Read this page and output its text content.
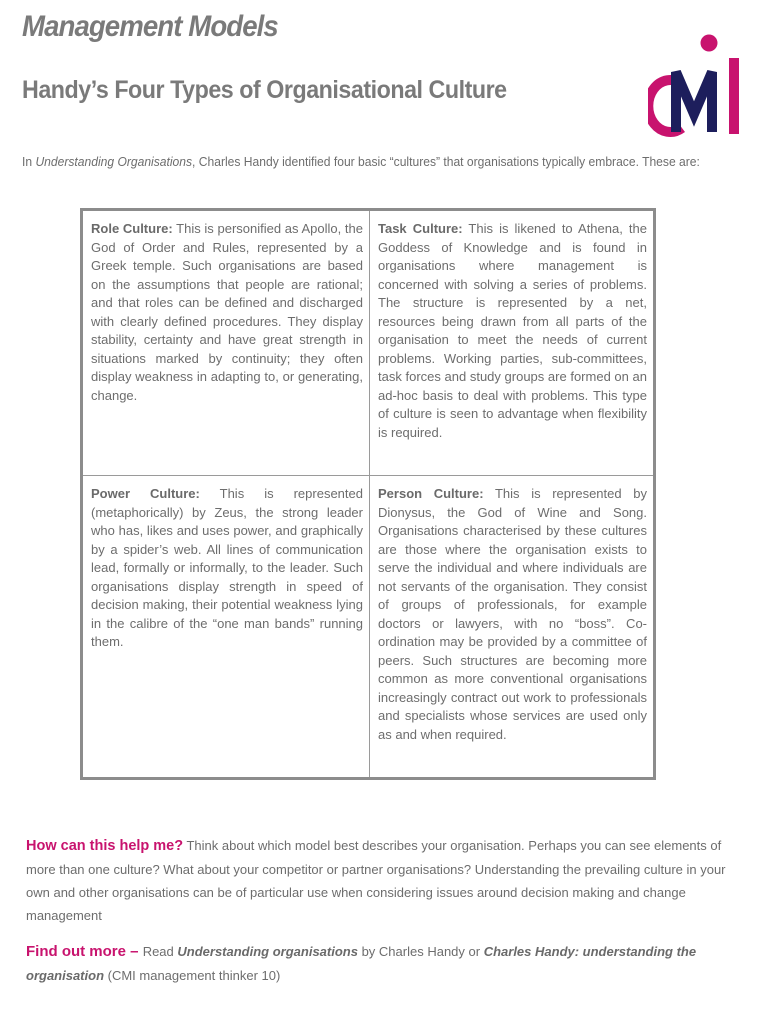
Management Models
Handy’s Four Types of Organisational Culture
In Understanding Organisations, Charles Handy identified four basic “cultures” that organisations typically embrace. These are:
Role Culture: This is personified as Apollo, the God of Order and Rules, represented by a Greek temple. Such organisations are based on the assumptions that people are rational; and that roles can be defined and discharged with clearly defined procedures. They display stability, certainty and have great strength in situations marked by continuity; they often display weakness in adapting to, or generating, change.
Task Culture: This is likened to Athena, the Goddess of Knowledge and is found in organisations where management is concerned with solving a series of problems. The structure is represented by a net, resources being drawn from all parts of the organisation to meet the needs of current problems. Working parties, sub-committees, task forces and study groups are formed on an ad-hoc basis to deal with problems. This type of culture is seen to advantage when flexibility is required.
Power Culture: This is represented (metaphorically) by Zeus, the strong leader who has, likes and uses power, and graphically by a spider’s web. All lines of communication lead, formally or informally, to the leader. Such organisations display strength in speed of decision making, their potential weakness lying in the calibre of the “one man bands” running them.
Person Culture: This is represented by Dionysus, the God of Wine and Song. Organisations characterised by these cultures are those where the organisation exists to serve the individual and where individuals are not servants of the organisation. They consist of groups of professionals, for example doctors or lawyers, with no “boss”. Co-ordination may be provided by a committee of peers. Such structures are becoming more common as more conventional organisations increasingly contract out work to professionals and specialists whose services are used only as and when required.
How can this help me? Think about which model best describes your organisation. Perhaps you can see elements of more than one culture? What about your competitor or partner organisations? Understanding the prevailing culture in your own and other organisations can be of particular use when considering issues around decision making and change management
Find out more – Read Understanding organisations by Charles Handy or Charles Handy: understanding the organisation (CMI management thinker 10)
